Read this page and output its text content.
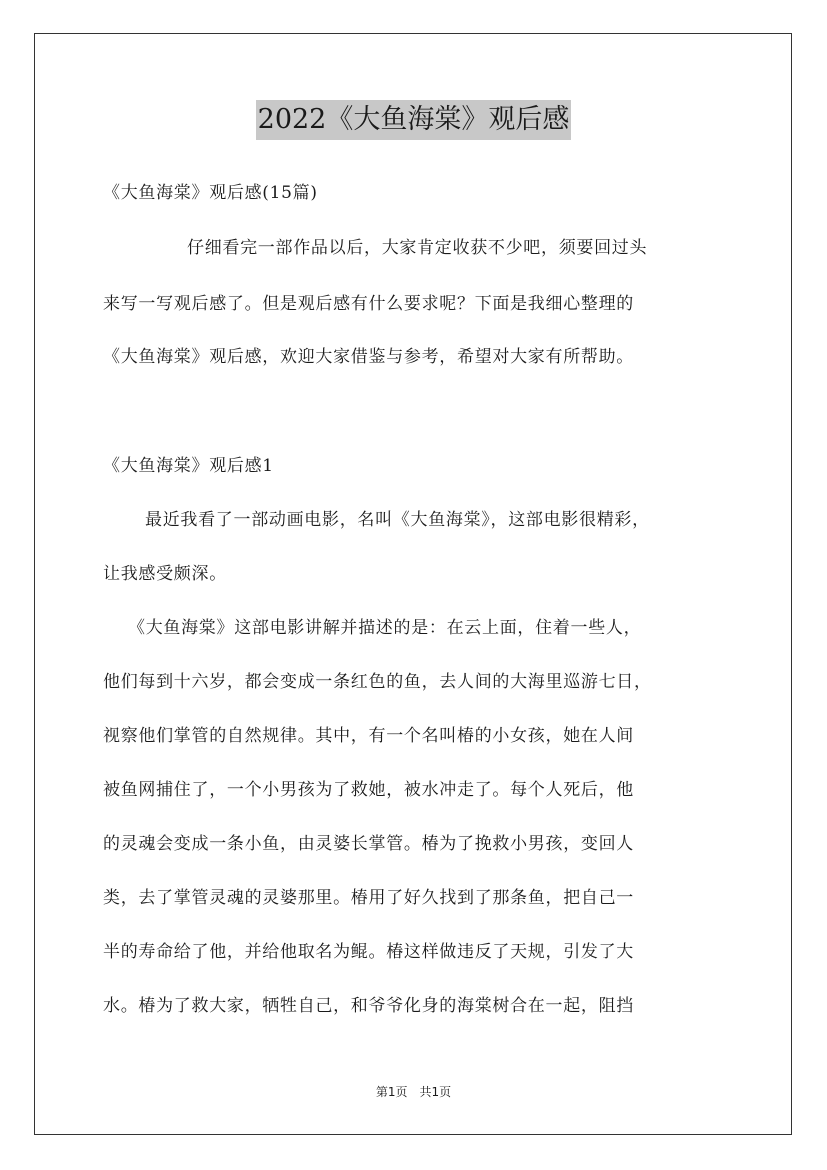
2022《大鱼海棠》观后感
《大鱼海棠》观后感(15篇)
仔细看完一部作品以后，大家肯定收获不少吧，须要回过头
来写一写观后感了。但是观后感有什么要求呢？下面是我细心整理的
《大鱼海棠》观后感，欢迎大家借鉴与参考，希望对大家有所帮助。
《大鱼海棠》观后感1
最近我看了一部动画电影，名叫《大鱼海棠》，这部电影很精彩，
让我感受颇深。
《大鱼海棠》这部电影讲解并描述的是：在云上面，住着一些人，
他们每到十六岁，都会变成一条红色的鱼，去人间的大海里巡游七日，
视察他们掌管的自然规律。其中，有一个名叫椿的小女孩，她在人间
被鱼网捕住了，一个小男孩为了救她，被水冲走了。每个人死后，他
的灵魂会变成一条小鱼，由灵婆长掌管。椿为了挽救小男孩，变回人
类，去了掌管灵魂的灵婆那里。椿用了好久找到了那条鱼，把自己一
半的寿命给了他，并给他取名为鲲。椿这样做违反了天规，引发了大
水。椿为了救大家，牺牲自己，和爷爷化身的海棠树合在一起，阻挡
第1页　共1页
